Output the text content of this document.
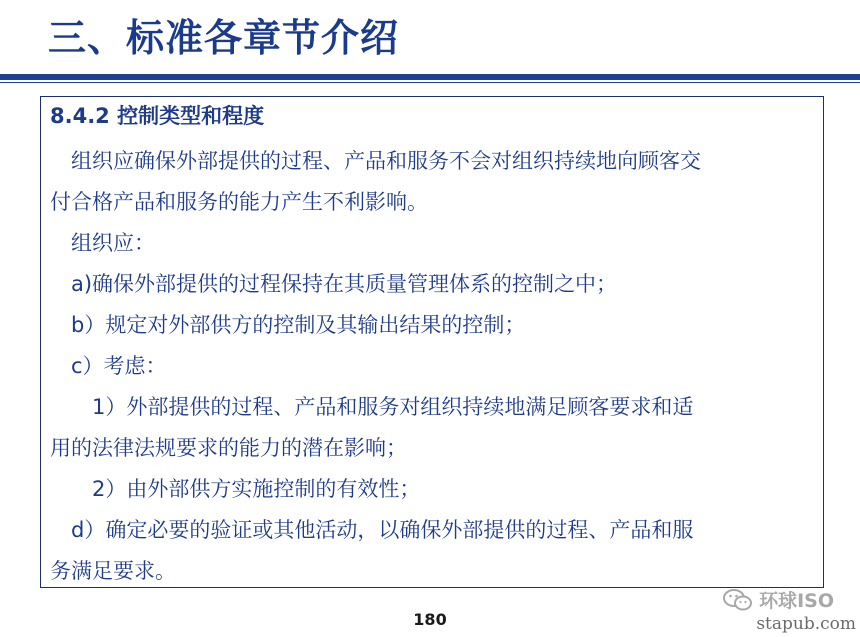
三、标准各章节介绍
8.4.2 控制类型和程度
　组织应确保外部提供的过程、产品和服务不会对组织持续地向顾客交
付合格产品和服务的能力产生不利影响。
　组织应：
　a)确保外部提供的过程保持在其质量管理体系的控制之中；
　b）规定对外部供方的控制及其输出结果的控制；
　c）考虑：
　　1）外部提供的过程、产品和服务对组织持续地满足顾客要求和适
用的法律法规要求的能力的潜在影响；
　　2）由外部供方实施控制的有效性；
　d）确定必要的验证或其他活动，以确保外部提供的过程、产品和服
务满足要求。
180
环球ISO
stapub.com
